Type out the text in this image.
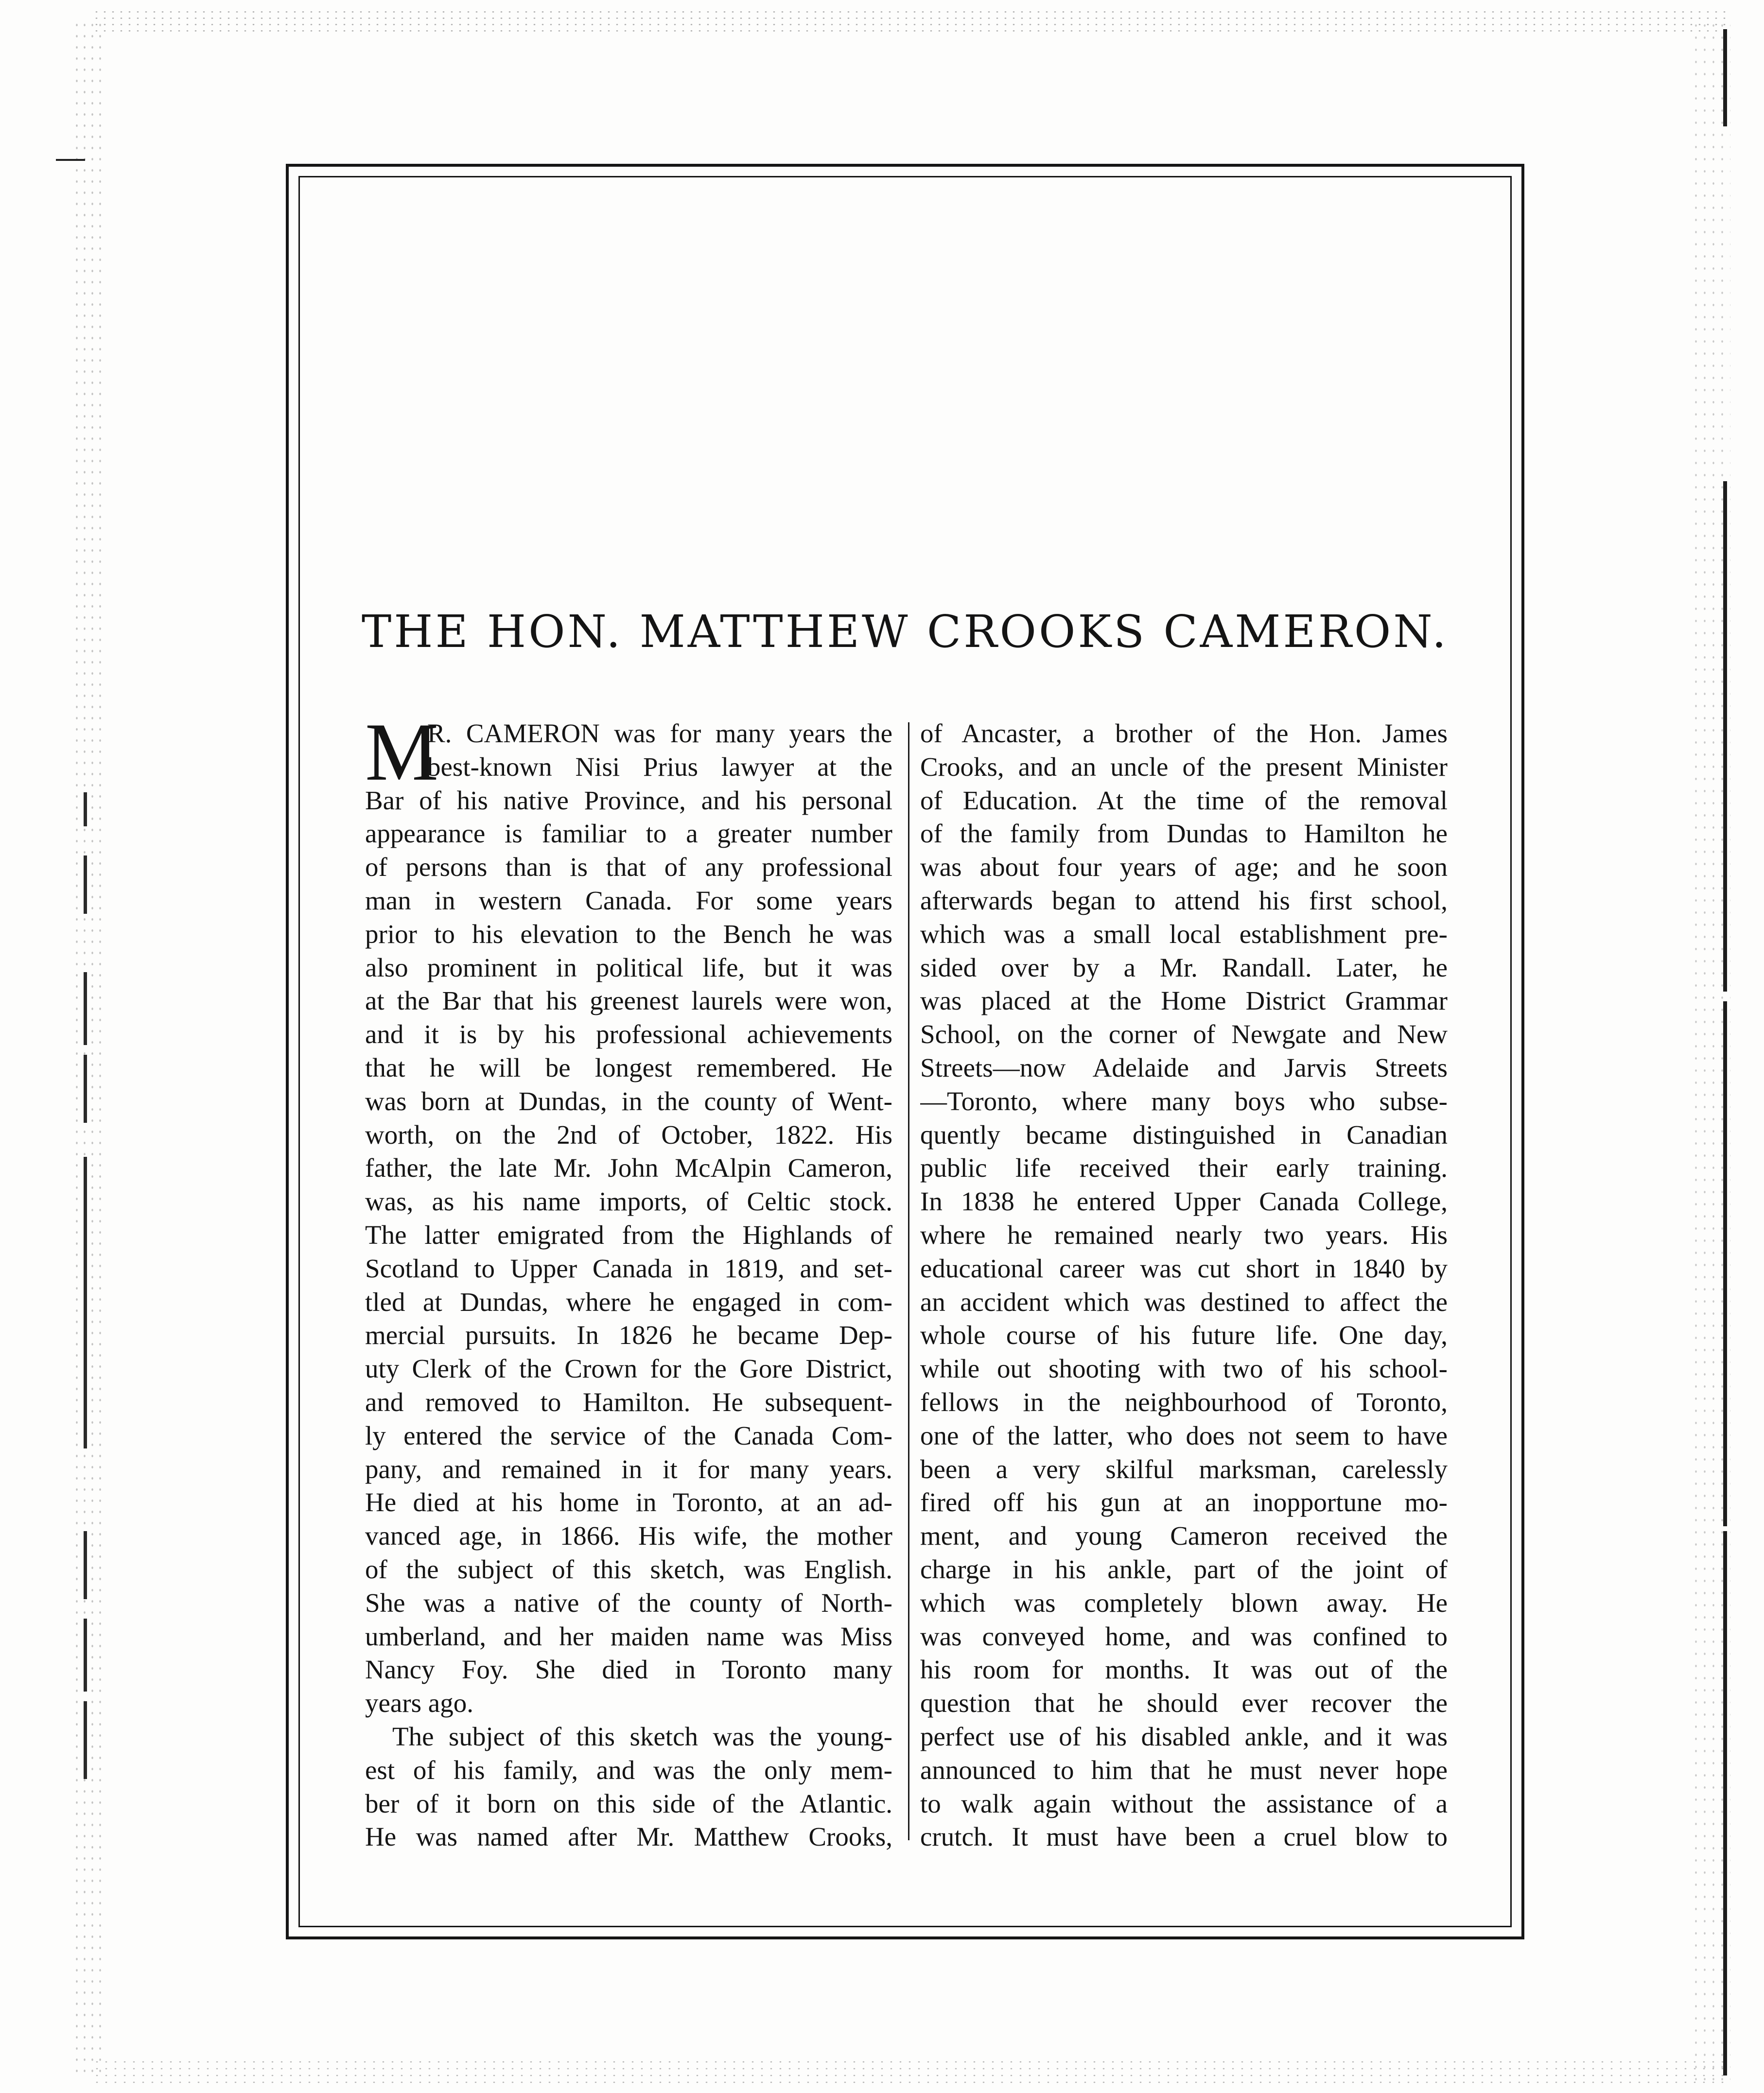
THE HON. MATTHEW CROOKS CAMERON.
M

R. CAMERON was for many years the

best-known Nisi Prius lawyer at the

Bar of his native Province, and his personal

appearance is familiar to a greater number

of persons than is that of any professional

man in western Canada. For some years

prior to his elevation to the Bench he was

also prominent in political life, but it was

at the Bar that his greenest laurels were won,

and it is by his professional achievements

that he will be longest remembered. He

was born at Dundas, in the county of Went-

worth, on the 2nd of October, 1822. His

father, the late Mr. John McAlpin Cameron,

was, as his name imports, of Celtic stock.

The latter emigrated from the Highlands of

Scotland to Upper Canada in 1819, and set-

tled at Dundas, where he engaged in com-

mercial pursuits. In 1826 he became Dep-

uty Clerk of the Crown for the Gore District,

and removed to Hamilton. He subsequent-

ly entered the service of the Canada Com-

pany, and remained in it for many years.

He died at his home in Toronto, at an ad-

vanced age, in 1866. His wife, the mother

of the subject of this sketch, was English.

She was a native of the county of North-

umberland, and her maiden name was Miss

Nancy Foy. She died in Toronto many

years ago.

The subject of this sketch was the young-

est of his family, and was the only mem-

ber of it born on this side of the Atlantic.

He was named after Mr. Matthew Crooks,

of Ancaster, a brother of the Hon. James

Crooks, and an uncle of the present Minister

of Education. At the time of the removal

of the family from Dundas to Hamilton he

was about four years of age; and he soon

afterwards began to attend his first school,

which was a small local establishment pre-

sided over by a Mr. Randall. Later, he

was placed at the Home District Grammar

School, on the corner of Newgate and New

Streets—now Adelaide and Jarvis Streets

—Toronto, where many boys who subse-

quently became distinguished in Canadian

public life received their early training.

In 1838 he entered Upper Canada College,

where he remained nearly two years. His

educational career was cut short in 1840 by

an accident which was destined to affect the

whole course of his future life. One day,

while out shooting with two of his school-

fellows in the neighbourhood of Toronto,

one of the latter, who does not seem to have

been a very skilful marksman, carelessly

fired off his gun at an inopportune mo-

ment, and young Cameron received the

charge in his ankle, part of the joint of

which was completely blown away. He

was conveyed home, and was confined to

his room for months. It was out of the

question that he should ever recover the

perfect use of his disabled ankle, and it was

announced to him that he must never hope

to walk again without the assistance of a

crutch. It must have been a cruel blow to
